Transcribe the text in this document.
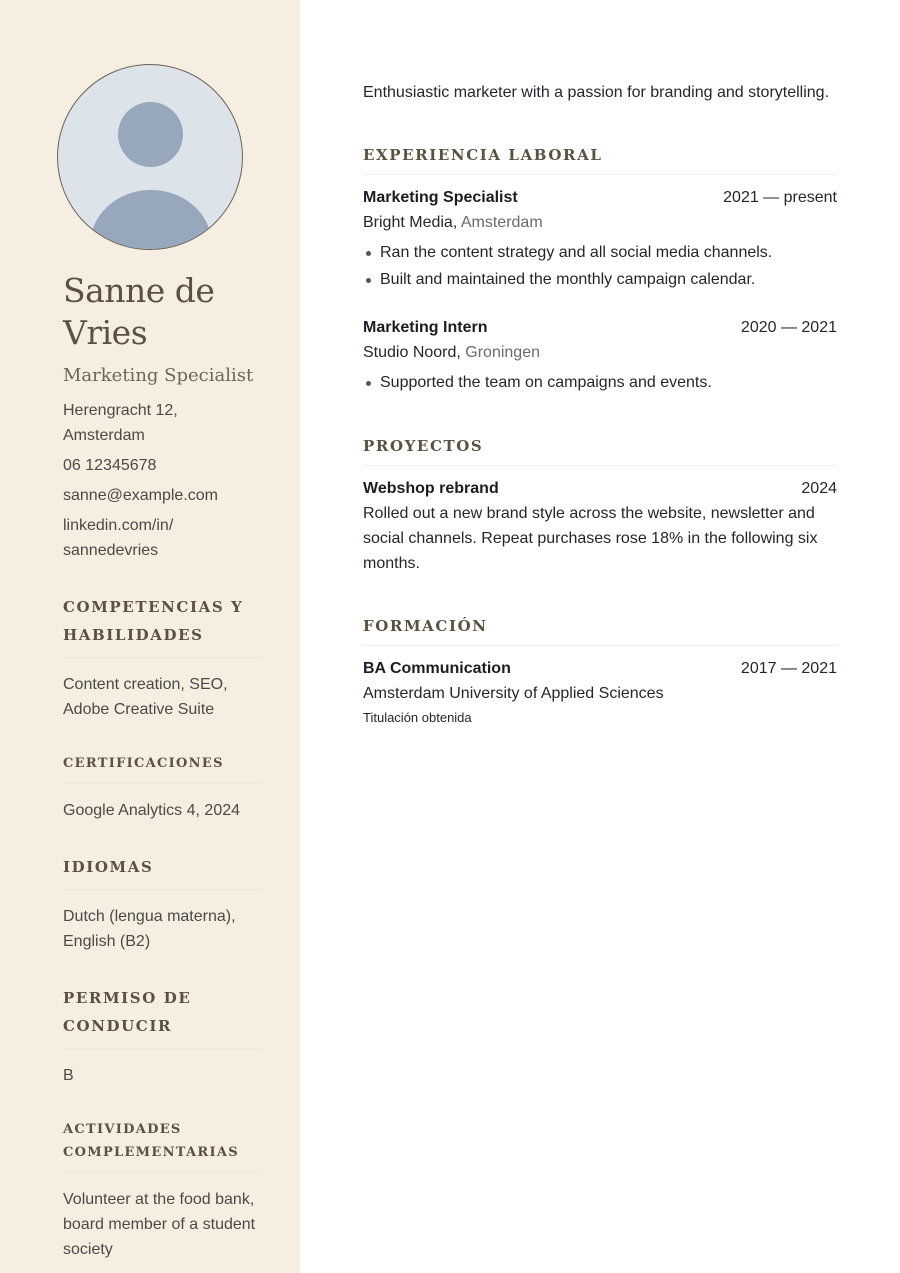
Sanne de Vries
Marketing Specialist
Herengracht 12, Amsterdam
06 12345678
sanne@example.com
linkedin.com/in/ sannedevries
COMPETENCIAS Y HABILIDADES
Content creation, SEO, Adobe Creative Suite
CERTIFICACIONES
Google Analytics 4, 2024
IDIOMAS
Dutch (lengua materna), English (B2)
PERMISO DE CONDUCIR
B
ACTIVIDADES COMPLEMENTARIAS
Volunteer at the food bank, board member of a student society

Enthusiastic marketer with a passion for branding and storytelling.

EXPERIENCIA LABORAL
Marketing Specialist	2021 — present
Bright Media, Amsterdam
Ran the content strategy and all social media channels.
Built and maintained the monthly campaign calendar.
Marketing Intern	2020 — 2021
Studio Noord, Groningen
Supported the team on campaigns and events.
PROYECTOS
Webshop rebrand	2024

Rolled out a new brand style across the website, newsletter and social channels. Repeat purchases rose 18% in the following six months.

FORMACIÓN
BA Communication	2017 — 2021
Amsterdam University of Applied Sciences
Titulación obtenida
